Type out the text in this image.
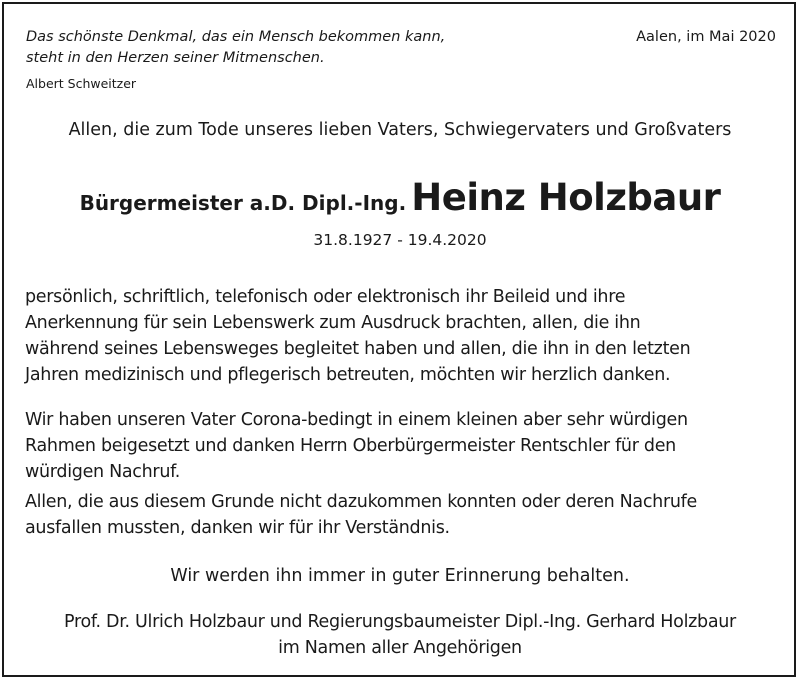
Das schönste Denkmal, das ein Mensch bekommen kann,
steht in den Herzen seiner Mitmenschen.
Albert Schweitzer
Aalen, im Mai 2020
Allen, die zum Tode unseres lieben Vaters, Schwiegervaters und Großvaters
Bürgermeister a.D. Dipl.-Ing. Heinz Holzbaur
31.8.1927 - 19.4.2020
persönlich, schriftlich, telefonisch oder elektronisch ihr Beileid und ihre
Anerkennung für sein Lebenswerk zum Ausdruck brachten, allen, die ihn
während seines Lebensweges begleitet haben und allen, die ihn in den letzten
Jahren medizinisch und pflegerisch betreuten, möchten wir herzlich danken.
Wir haben unseren Vater Corona-bedingt in einem kleinen aber sehr würdigen
Rahmen beigesetzt und danken Herrn Oberbürgermeister Rentschler für den
würdigen Nachruf.
Allen, die aus diesem Grunde nicht dazukommen konnten oder deren Nachrufe
ausfallen mussten, danken wir für ihr Verständnis.
Wir werden ihn immer in guter Erinnerung behalten.
Prof. Dr. Ulrich Holzbaur und Regierungsbaumeister Dipl.-Ing. Gerhard Holzbaur
im Namen aller Angehörigen
